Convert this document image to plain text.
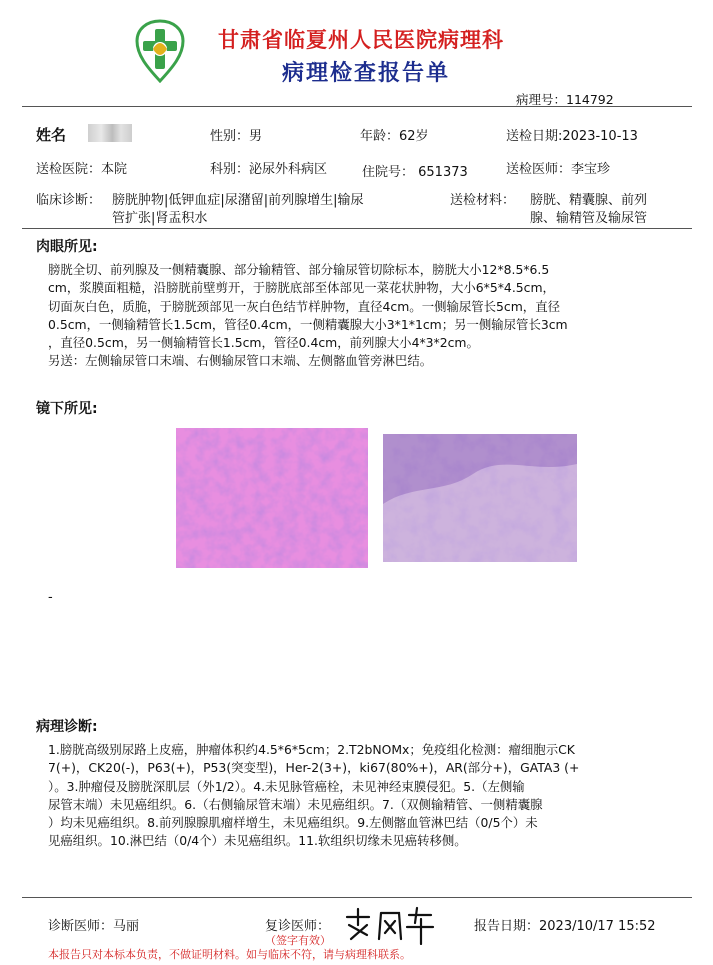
甘肃省临夏州人民医院病理科
病理检查报告单
病理号：114792
姓名	性别：男	年龄：62岁	送检日期:2023-10-13
送检医院：本院	科别：泌尿外科病区	住院号： 651373	送检医师：李宝珍
临床诊断： 膀胱肿物|低钾血症|尿潴留|前列腺增生|输尿
管扩张|肾盂积水
送检材料： 膀胱、精囊腺、前列
腺、输精管及输尿管
肉眼所见:
膀胱全切、前列腺及一侧精囊腺、部分输精管、部分输尿管切除标本，膀胱大小12*8.5*6.5
cm，浆膜面粗糙，沿膀胱前壁剪开，于膀胱底部至体部见一菜花状肿物，大小6*5*4.5cm，
切面灰白色，质脆，于膀胱颈部见一灰白色结节样肿物，直径4cm。一侧输尿管长5cm，直径
0.5cm，一侧输精管长1.5cm，管径0.4cm，一侧精囊腺大小3*1*1cm；另一侧输尿管长3cm
，直径0.5cm，另一侧输精管长1.5cm，管径0.4cm，前列腺大小4*3*2cm。
另送：左侧输尿管口末端、右侧输尿管口末端、左侧髂血管旁淋巴结。
镜下所见:
-
病理诊断:
1.膀胱高级别尿路上皮癌，肿瘤体积约4.5*6*5cm；2.T2bNOMx；免疫组化检测：瘤细胞示CK
7(+)，CK20(-)，P63(+)，P53(突变型)，Her-2(3+)，ki67(80%+)，AR(部分+)，GATA3 (+
）。3.肿瘤侵及膀胱深肌层（外1/2）。4.未见脉管癌栓，未见神经束膜侵犯。5.（左侧输
尿管末端）未见癌组织。6.（右侧输尿管末端）未见癌组织。7.（双侧输精管、一侧精囊腺
）均未见癌组织。8.前列腺腺肌瘤样增生，未见癌组织。9.左侧髂血管淋巴结（0/5个）未
见癌组织。10.淋巴结（0/4个）未见癌组织。11.软组织切缘未见癌转移侧。
诊断医师：马丽	复诊医师：
（签字有效）
报告日期：2023/10/17 15:52
本报告只对本标本负责，不做证明材料。如与临床不符，请与病理科联系。
